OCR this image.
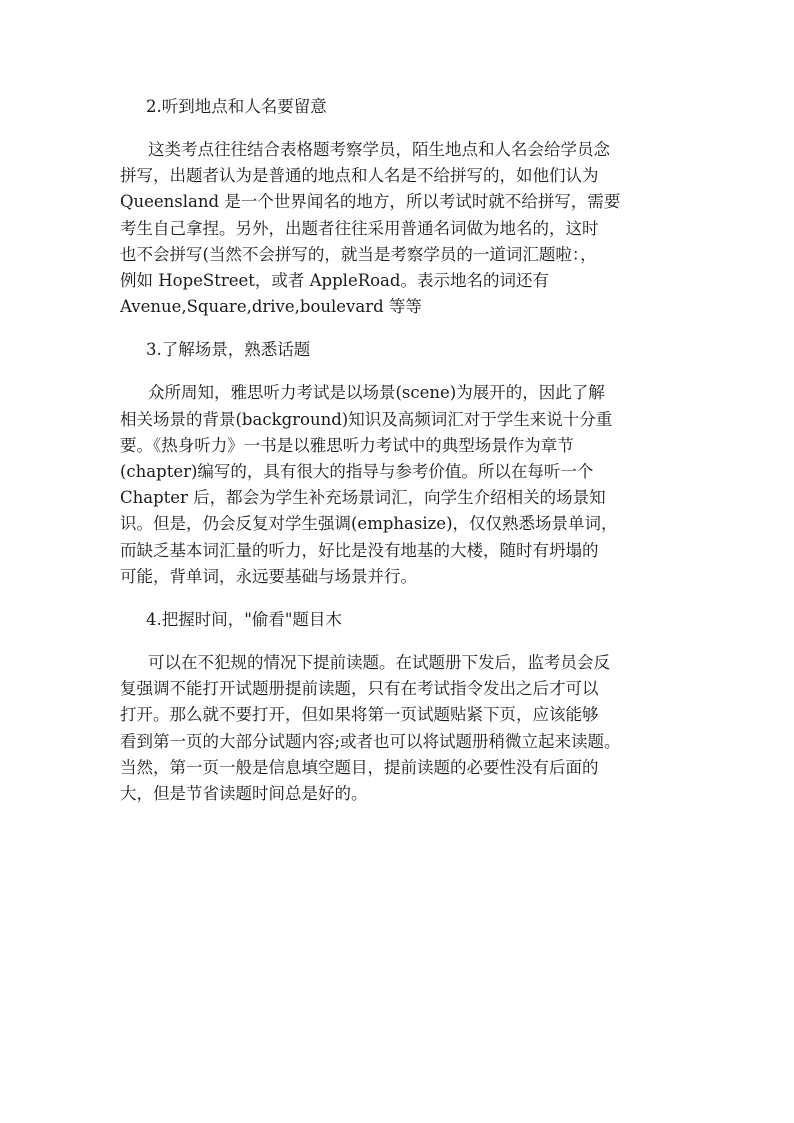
2.听到地点和人名要留意
这类考点往往结合表格题考察学员，陌生地点和人名会给学员念
拼写，出题者认为是普通的地点和人名是不给拼写的，如他们认为
Queensland 是一个世界闻名的地方，所以考试时就不给拼写，需要
考生自己拿捏。另外，出题者往往采用普通名词做为地名的，这时
也不会拼写(当然不会拼写的，就当是考察学员的一道词汇题啦：，
例如 HopeStreet，或者 AppleRoad。表示地名的词还有
Avenue,Square,drive,boulevard 等等
3.了解场景，熟悉话题
众所周知，雅思听力考试是以场景(scene)为展开的，因此了解
相关场景的背景(background)知识及高频词汇对于学生来说十分重
要。《热身听力》一书是以雅思听力考试中的典型场景作为章节
(chapter)编写的，具有很大的指导与参考价值。所以在每听一个
Chapter 后，都会为学生补充场景词汇，向学生介绍相关的场景知
识。但是，仍会反复对学生强调(emphasize)，仅仅熟悉场景单词，
而缺乏基本词汇量的听力，好比是没有地基的大楼，随时有坍塌的
可能，背单词，永远要基础与场景并行。
4.把握时间，"偷看"题目木
可以在不犯规的情况下提前读题。在试题册下发后，监考员会反
复强调不能打开试题册提前读题，只有在考试指令发出之后才可以
打开。那么就不要打开，但如果将第一页试题贴紧下页，应该能够
看到第一页的大部分试题内容;或者也可以将试题册稍微立起来读题。
当然，第一页一般是信息填空题目，提前读题的必要性没有后面的
大，但是节省读题时间总是好的。
